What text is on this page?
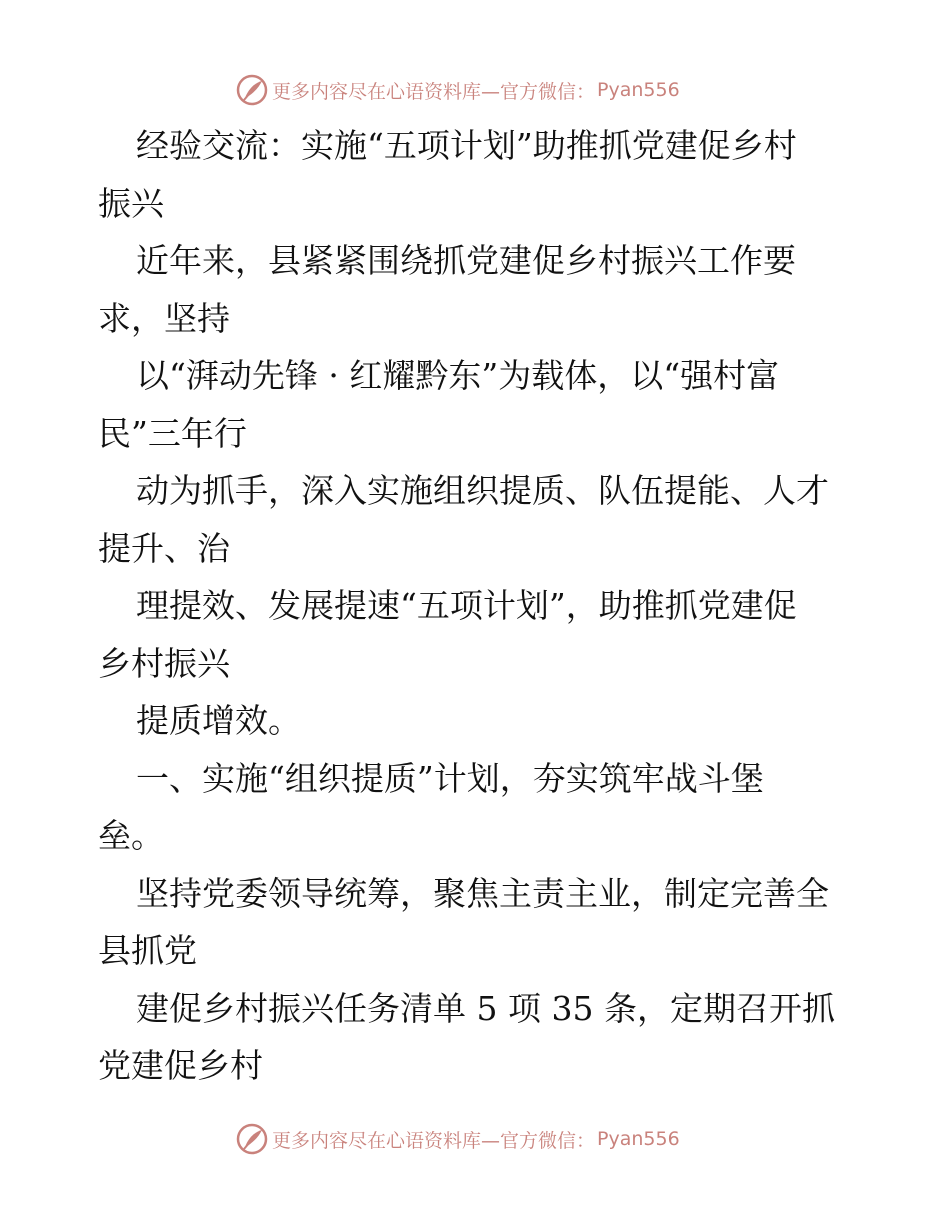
更多内容尽在心语资料库—官方微信： Pyan556
经验交流：实施“五项计划”助推抓党建促乡村
振兴
近年来，县紧紧围绕抓党建促乡村振兴工作要
求，坚持
以“湃动先锋 · 红耀黔东”为载体，以“强村富
民”三年行
动为抓手，深入实施组织提质、队伍提能、人才
提升、治
理提效、发展提速“五项计划”，助推抓党建促
乡村振兴
提质增效。
一、实施“组织提质”计划，夯实筑牢战斗堡
垒。
坚持党委领导统筹，聚焦主责主业，制定完善全
县抓党
建促乡村振兴任务清单 5 项 35 条，定期召开抓
党建促乡村
更多内容尽在心语资料库—官方微信： Pyan556
